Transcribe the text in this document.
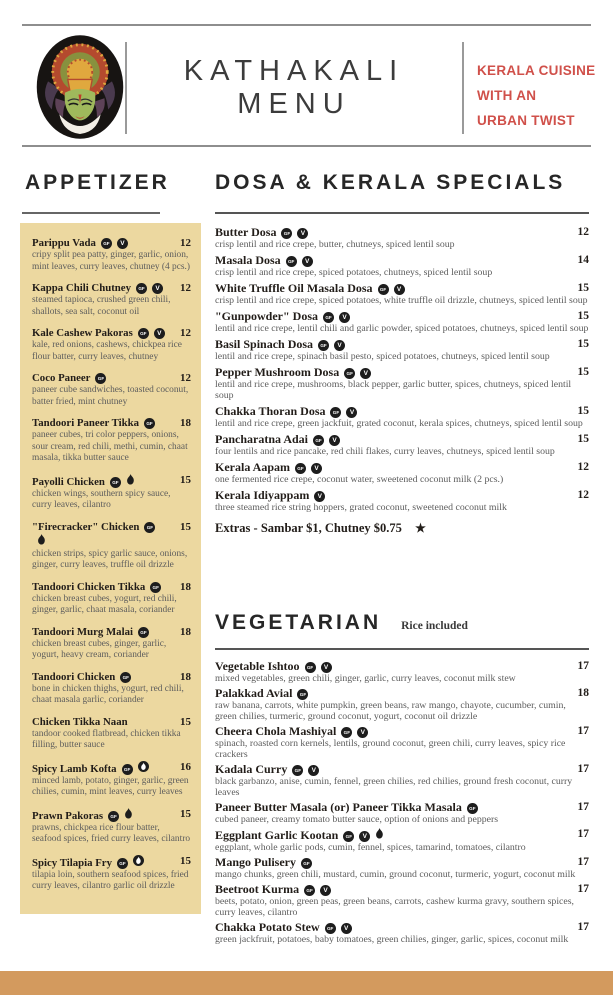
KATHAKALI
MENU
KERALA CUISINE
WITH AN
URBAN TWIST
APPETIZER
Parippu Vada GF V	12
cripy split pea patty, ginger, garlic, onion, mint leaves, curry leaves, chutney (4 pcs.)
Kappa Chili Chutney GF V 12
steamed tapioca, crushed green chili, shallots, sea salt, coconut oil
Kale Cashew Pakoras GF V 12
kale, red onions, cashews, chickpea rice flour batter, curry leaves, chutney
Coco Paneer GF	12
paneer cube sandwiches, toasted coconut, batter fried, mint chutney
Tandoori Paneer Tikka GF 18
paneer cubes, tri color peppers, onions, sour cream, red chili, methi, cumin, chaat masala, tikka butter sauce
Payolli Chicken GF	15
chicken wings, southern spicy sauce, curry leaves, cilantro
"Firecracker" Chicken GF 15
chicken strips, spicy garlic sauce, onions, ginger, curry leaves, truffle oil drizzle
Tandoori Chicken Tikka GF 18
chicken breast cubes, yogurt, red chili, ginger, garlic, chaat masala, coriander
Tandoori Murg Malai GF	18
chicken breast cubes, ginger, garlic, yogurt, heavy cream, coriander
Tandoori Chicken GF	18
bone in chicken thighs, yogurt, red chili, chaat masala garlic, coriander
Chicken Tikka Naan	15
tandoor cooked flatbread, chicken tikka filling, butter sauce
Spicy Lamb Kofta GF	16
minced lamb, potato, ginger, garlic, green chilies, cumin, mint leaves, curry leaves
Prawn Pakoras GF	15
prawns, chickpea rice flour batter, seafood spices, fried curry leaves, cilantro
Spicy Tilapia Fry GF	15
tilapia loin, southern seafood spices, fried curry leaves, cilantro garlic oil drizzle
DOSA & KERALA SPECIALS
Butter Dosa GF V	12
crisp lentil and rice crepe, butter, chutneys, spiced lentil soup
Masala Dosa GF V	14
crisp lentil and rice crepe, spiced potatoes, chutneys, spiced lentil soup
White Truffle Oil Masala Dosa GF V	15
crisp lentil and rice crepe, spiced potatoes, white truffle oil drizzle, chutneys, spiced lentil soup
"Gunpowder" Dosa GF V	15
lentil and rice crepe, lentil chili and garlic powder, spiced potatoes, chutneys, spiced lentil soup
Basil Spinach Dosa GF V	15
lentil and rice crepe, spinach basil pesto, spiced potatoes, chutneys, spiced lentil soup
Pepper Mushroom Dosa GF V	15
lentil and rice crepe, mushrooms, black pepper, garlic butter, spices, chutneys, spiced lentil soup
Chakka Thoran Dosa GF V	15
lentil and rice crepe, green jackfuit, grated coconut, kerala spices, chutneys, spiced lentil soup
Pancharatna Adai GF V	15
four lentils and rice pancake, red chili flakes, curry leaves, chutneys, spiced lentil soup
Kerala Aapam GF V	12
one fermented rice crepe, coconut water, sweetened coconut milk (2 pcs.)
Kerala Idiyappam V	12
three steamed rice string hoppers, grated coconut, sweetened coconut milk
Extras - Sambar $1, Chutney $0.75 ★
VEGETARIAN Rice included
Vegetable Ishtoo GF V	17
mixed vegetables, green chili, ginger, garlic, curry leaves, coconut milk stew
Palakkad Avial GF	18
raw banana, carrots, white pumpkin, green beans, raw mango, chayote, cucumber, cumin, green chilies, turmeric, ground coconut, yogurt, coconut oil drizzle
Cheera Chola Mashiyal GF V	17
spinach, roasted corn kernels, lentils, ground coconut, green chili, curry leaves, spicy rice crackers
Kadala Curry GF V	17
black garbanzo, anise, cumin, fennel, green chilies, red chilies, ground fresh coconut, curry leaves
Paneer Butter Masala (or) Paneer Tikka Masala GF	17
cubed paneer, creamy tomato butter sauce, option of onions and peppers
Eggplant Garlic Kootan GF V	17
eggplant, whole garlic pods, cumin, fennel, spices, tamarind, tomatoes, cilantro
Mango Pulisery GF	17
mango chunks, green chili, mustard, cumin, ground coconut, turmeric, yogurt, coconut milk
Beetroot Kurma GF V	17
beets, potato, onion, green peas, green beans, carrots, cashew kurma gravy, southern spices, curry leaves, cilantro
Chakka Potato Stew GF V	17
green jackfruit, potatoes, baby tomatoes, green chilies, ginger, garlic, spices, coconut milk
